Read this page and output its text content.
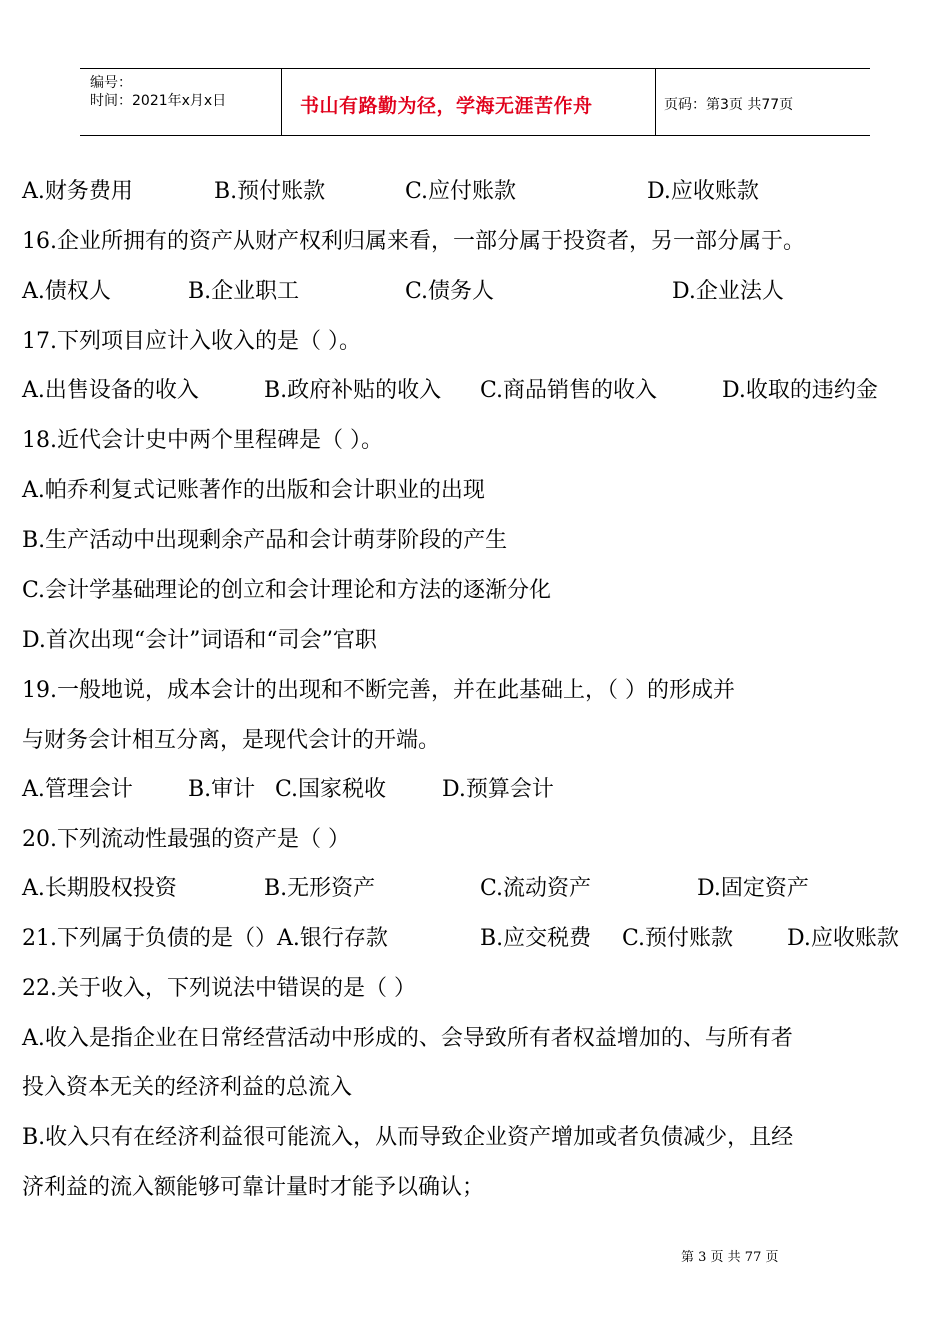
编号：
时间：2021年x月x日	书山有路勤为径，学海无涯苦作舟	页码：第3页 共77页
A.财务费用	B.预付账款	C.应付账款	D.应收账款
16.企业所拥有的资产从财产权利归属来看，一部分属于投资者，另一部分属于。
A.债权人	B.企业职工	C.债务人	D.企业法人
17.下列项目应计入收入的是（ ）。
A.出售设备的收入	B.政府补贴的收入 C.商品销售的收入	D.收取的违约金
18.近代会计史中两个里程碑是（ ）。
A.帕乔利复式记账著作的出版和会计职业的出现
B.生产活动中出现剩余产品和会计萌芽阶段的产生
C.会计学基础理论的创立和会计理论和方法的逐渐分化
D.首次出现“会计”词语和“司会”官职
19.一般地说，成本会计的出现和不断完善，并在此基础上，（ ）的形成并
与财务会计相互分离，是现代会计的开端。
A.管理会计	B.审计 C.国家税收	D.预算会计
20.下列流动性最强的资产是（ ）
A.长期股权投资	B.无形资产	C.流动资产	D.固定资产
21.下列属于负债的是（）A.银行存款	B.应交税费 C.预付账款 D.应收账款
22.关于收入，下列说法中错误的是（ ）
A.收入是指企业在日常经营活动中形成的、会导致所有者权益增加的、与所有者
投入资本无关的经济利益的总流入
B.收入只有在经济利益很可能流入，从而导致企业资产增加或者负债减少，且经
济利益的流入额能够可靠计量时才能予以确认；
第 3 页 共 77 页
